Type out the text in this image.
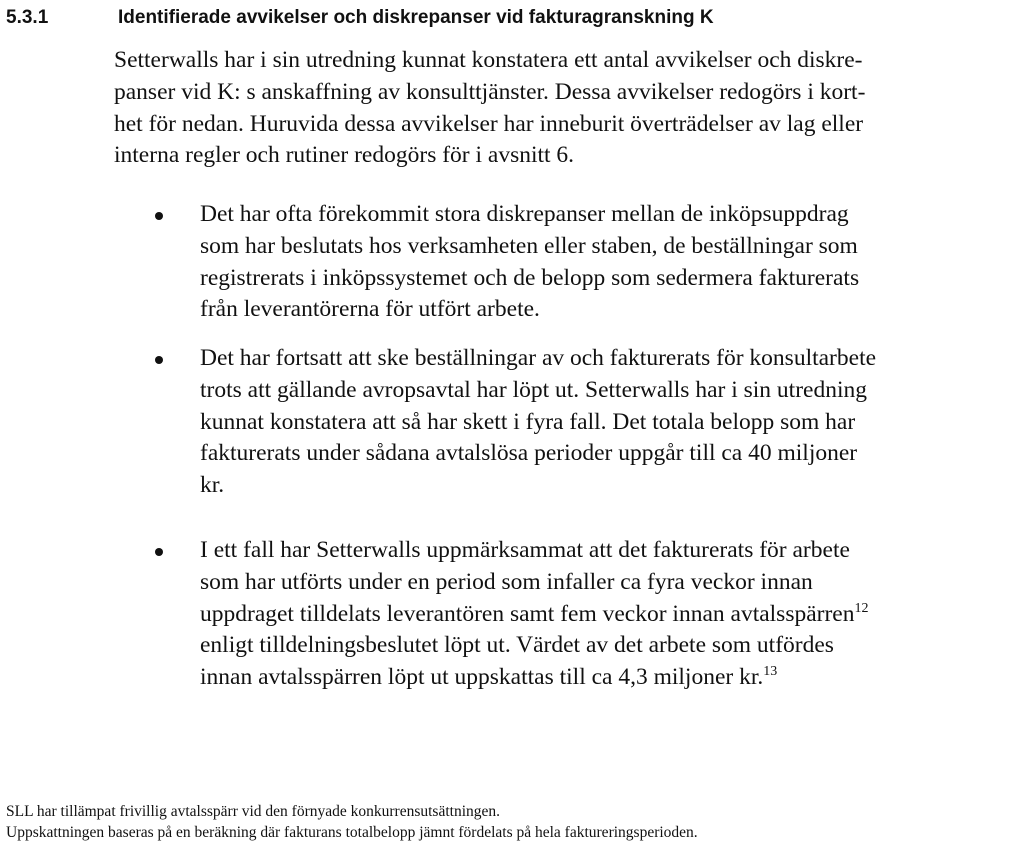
5.3.1	Identifierade avvikelser och diskrepanser vid fakturagranskning K
Setterwalls har i sin utredning kunnat konstatera ett antal avvikelser och diskre-
panser vid K: s anskaffning av konsulttjänster. Dessa avvikelser redogörs i kort-
het för nedan. Huruvida dessa avvikelser har inneburit överträdelser av lag eller
interna regler och rutiner redogörs för i avsnitt 6.
Det har ofta förekommit stora diskrepanser mellan de inköpsuppdrag
som har beslutats hos verksamheten eller staben, de beställningar som
registrerats i inköpssystemet och de belopp som sedermera fakturerats
från leverantörerna för utfört arbete.
Det har fortsatt att ske beställningar av och fakturerats för konsultarbete
trots att gällande avropsavtal har löpt ut. Setterwalls har i sin utredning
kunnat konstatera att så har skett i fyra fall. Det totala belopp som har
fakturerats under sådana avtalslösa perioder uppgår till ca 40 miljoner
kr.
I ett fall har Setterwalls uppmärksammat att det fakturerats för arbete
som har utförts under en period som infaller ca fyra veckor innan
uppdraget tilldelats leverantören samt fem veckor innan avtalsspärren$^{12}$
enligt tilldelningsbeslutet löpt ut. Värdet av det arbete som utfördes
innan avtalsspärren löpt ut uppskattas till ca 4,3 miljoner kr.$^{13}$
SLL har tillämpat frivillig avtalsspärr vid den förnyade konkurrensutsättningen.
Uppskattningen baseras på en beräkning där fakturans totalbelopp jämnt fördelats på hela faktureringsperioden.
